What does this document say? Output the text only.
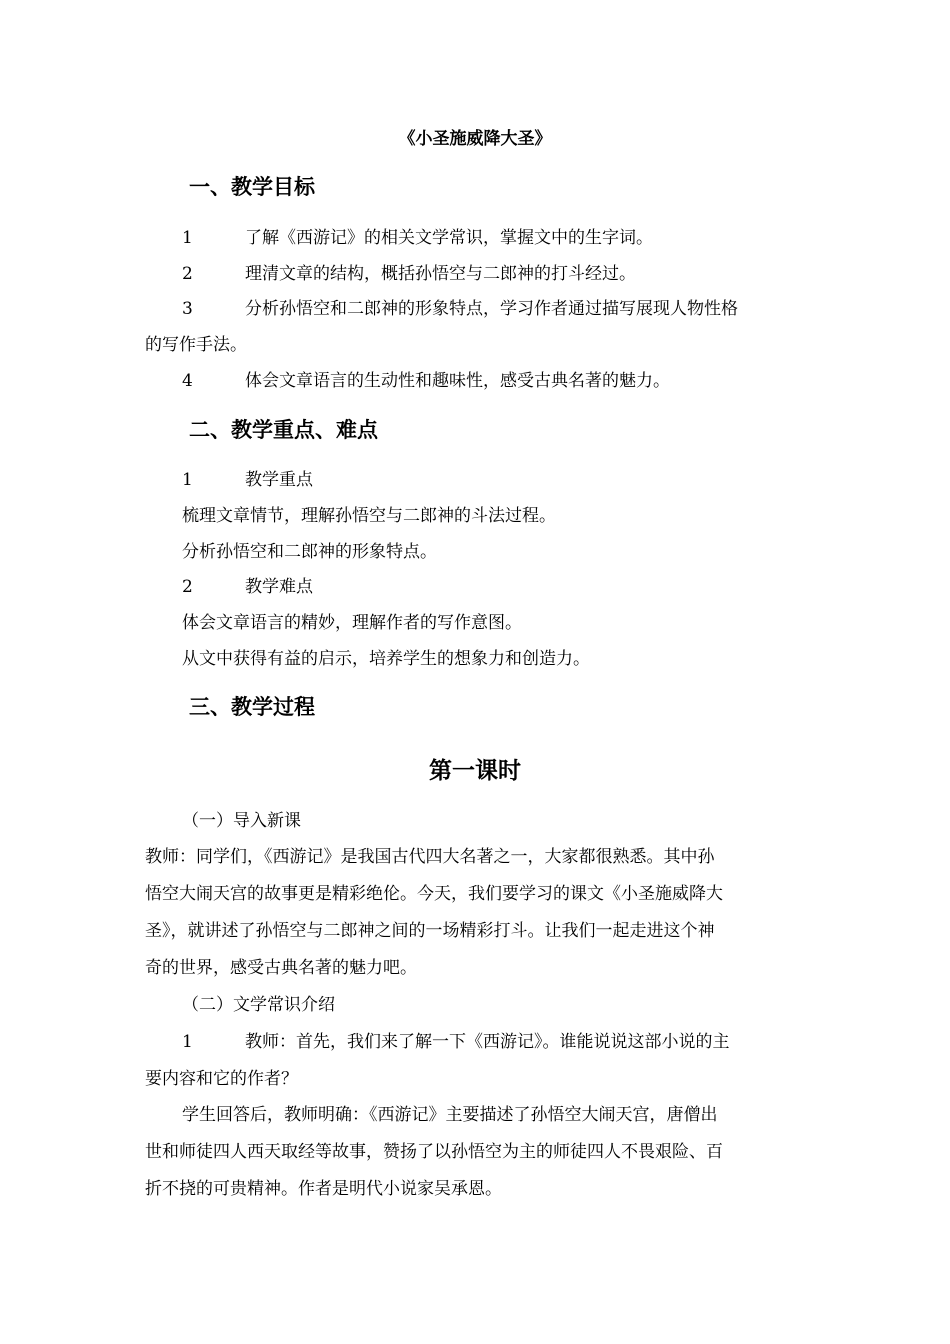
《小圣施威降大圣》
一、教学目标
1	了解《西游记》的相关文学常识，掌握文中的生字词。
2	理清文章的结构，概括孙悟空与二郎神的打斗经过。
3	分析孙悟空和二郎神的形象特点，学习作者通过描写展现人物性格
的写作手法。
4	体会文章语言的生动性和趣味性，感受古典名著的魅力。
二、教学重点、难点
1	教学重点
梳理文章情节，理解孙悟空与二郎神的斗法过程。
分析孙悟空和二郎神的形象特点。
2	教学难点
体会文章语言的精妙，理解作者的写作意图。
从文中获得有益的启示，培养学生的想象力和创造力。
三、教学过程
第一课时
（一）导入新课
教师：同学们，《西游记》是我国古代四大名著之一，大家都很熟悉。其中孙
悟空大闹天宫的故事更是精彩绝伦。今天，我们要学习的课文《小圣施威降大
圣》，就讲述了孙悟空与二郎神之间的一场精彩打斗。让我们一起走进这个神
奇的世界，感受古典名著的魅力吧。
（二）文学常识介绍
1	教师：首先，我们来了解一下《西游记》。谁能说说这部小说的主
要内容和它的作者？
学生回答后，教师明确：《西游记》主要描述了孙悟空大闹天宫，唐僧出
世和师徒四人西天取经等故事，赞扬了以孙悟空为主的师徒四人不畏艰险、百
折不挠的可贵精神。作者是明代小说家吴承恩。
